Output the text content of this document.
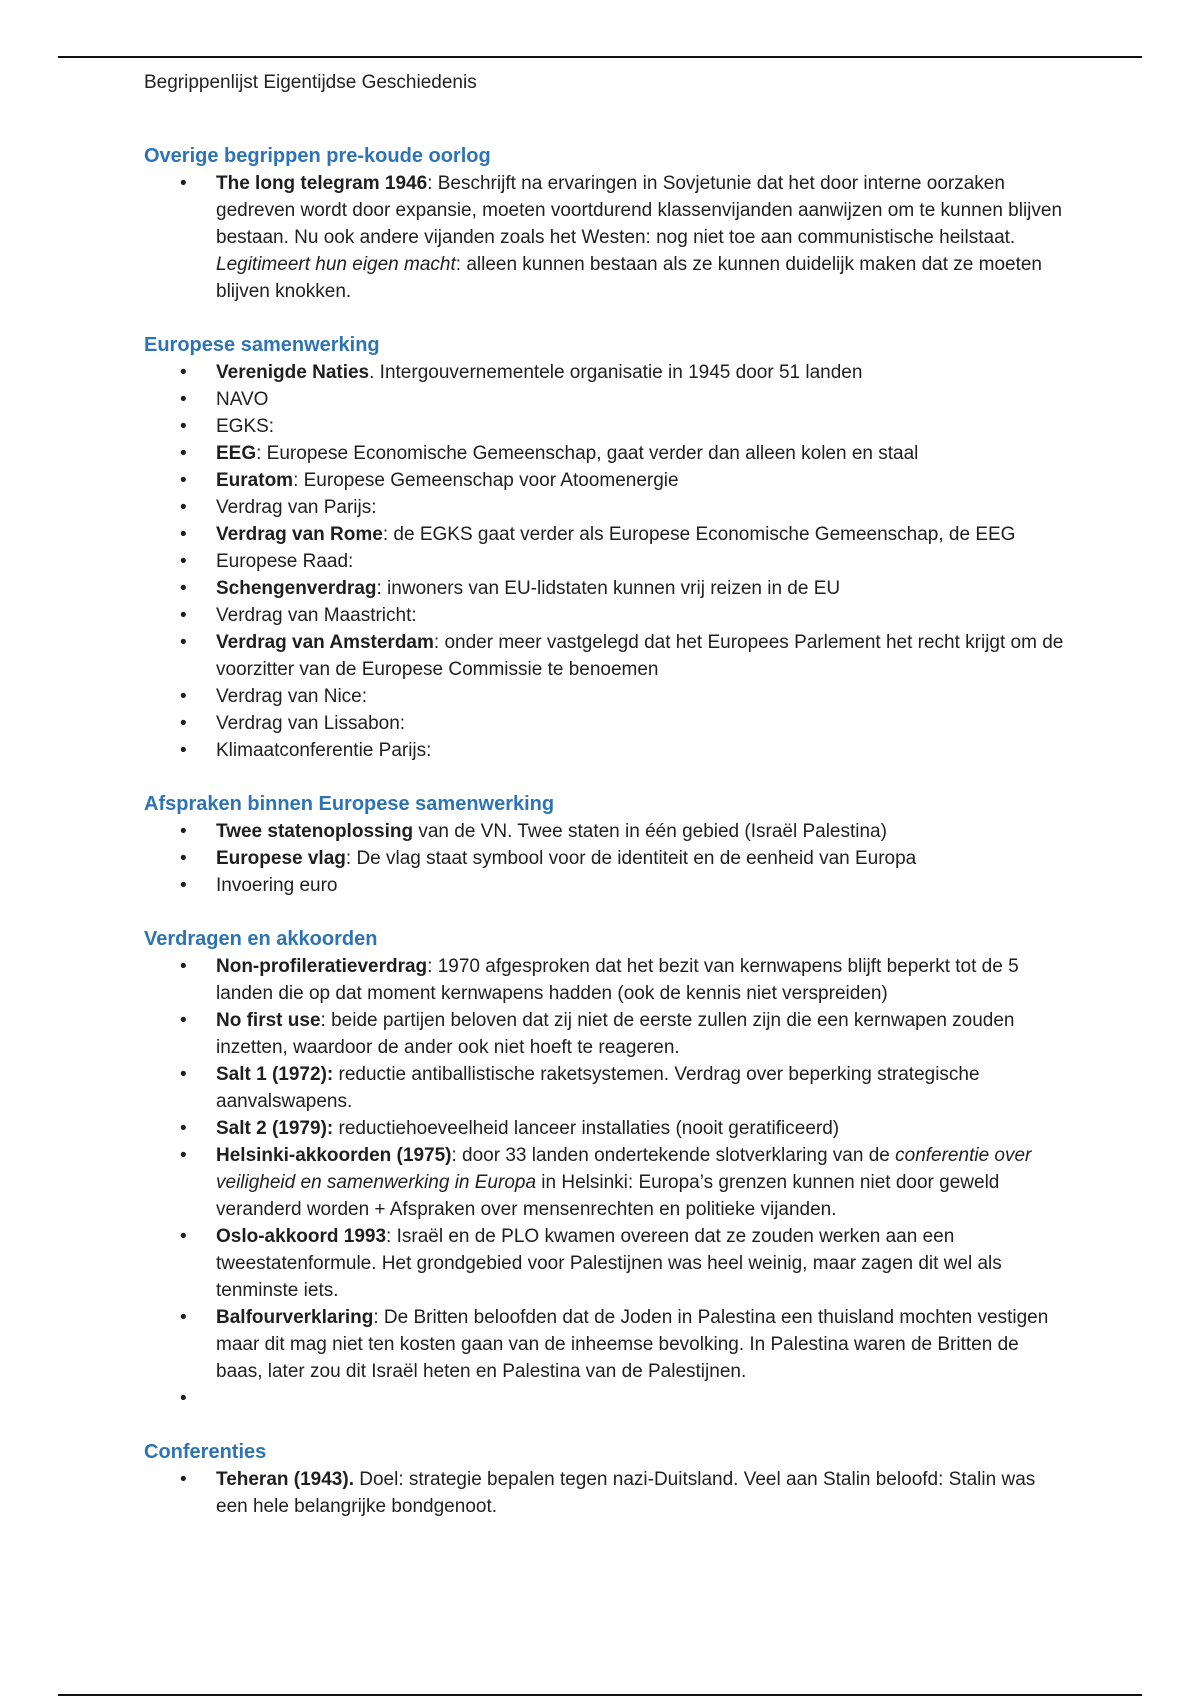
Begrippenlijst Eigentijdse Geschiedenis
Overige begrippen pre-koude oorlog
• The long telegram 1946: Beschrijft na ervaringen in Sovjetunie dat het door interne oorzaken gedreven wordt door expansie, moeten voortdurend klassenvijanden aanwijzen om te kunnen blijven bestaan. Nu ook andere vijanden zoals het Westen: nog niet toe aan communistische heilstaat. Legitimeert hun eigen macht: alleen kunnen bestaan als ze kunnen duidelijk maken dat ze moeten blijven knokken.
Europese samenwerking
• Verenigde Naties. Intergouvernementele organisatie in 1945 door 51 landen
• NAVO
• EGKS:
• EEG: Europese Economische Gemeenschap, gaat verder dan alleen kolen en staal
• Euratom: Europese Gemeenschap voor Atoomenergie
• Verdrag van Parijs:
• Verdrag van Rome: de EGKS gaat verder als Europese Economische Gemeenschap, de EEG
• Europese Raad:
• Schengenverdrag: inwoners van EU-lidstaten kunnen vrij reizen in de EU
• Verdrag van Maastricht:
• Verdrag van Amsterdam: onder meer vastgelegd dat het Europees Parlement het recht krijgt om de voorzitter van de Europese Commissie te benoemen
• Verdrag van Nice:
• Verdrag van Lissabon:
• Klimaatconferentie Parijs:
Afspraken binnen Europese samenwerking
• Twee statenoplossing van de VN. Twee staten in één gebied (Israël Palestina)
• Europese vlag: De vlag staat symbool voor de identiteit en de eenheid van Europa
• Invoering euro
Verdragen en akkoorden
• Non-profileratieverdrag: 1970 afgesproken dat het bezit van kernwapens blijft beperkt tot de 5 landen die op dat moment kernwapens hadden (ook de kennis niet verspreiden)
• No first use: beide partijen beloven dat zij niet de eerste zullen zijn die een kernwapen zouden inzetten, waardoor de ander ook niet hoeft te reageren.
• Salt 1 (1972): reductie antiballistische raketsystemen. Verdrag over beperking strategische aanvalswapens.
• Salt 2 (1979): reductiehoeveelheid lanceer installaties (nooit geratificeerd)
• Helsinki-akkoorden (1975): door 33 landen ondertekende slotverklaring van de conferentie over veiligheid en samenwerking in Europa in Helsinki: Europa’s grenzen kunnen niet door geweld veranderd worden + Afspraken over mensenrechten en politieke vijanden.
• Oslo-akkoord 1993: Israël en de PLO kwamen overeen dat ze zouden werken aan een tweestatenformule. Het grondgebied voor Palestijnen was heel weinig, maar zagen dit wel als tenminste iets.
• Balfourverklaring: De Britten beloofden dat de Joden in Palestina een thuisland mochten vestigen maar dit mag niet ten kosten gaan van de inheemse bevolking. In Palestina waren de Britten de baas, later zou dit Israël heten en Palestina van de Palestijnen.
•
Conferenties
• Teheran (1943). Doel: strategie bepalen tegen nazi-Duitsland. Veel aan Stalin beloofd: Stalin was een hele belangrijke bondgenoot.
